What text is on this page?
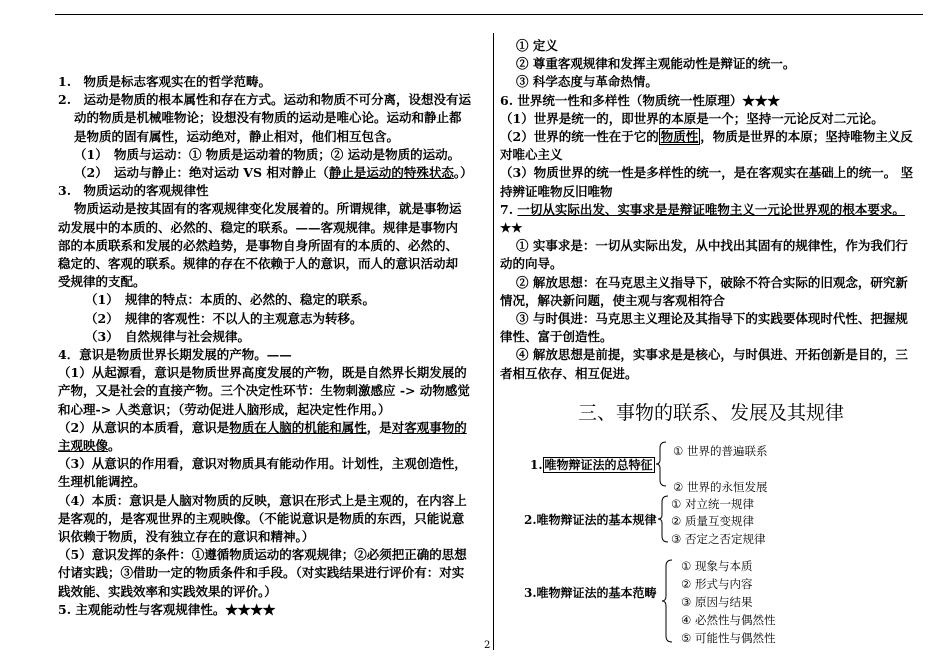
1.　物质是标志客观实在的哲学范畴。

2.　运动是物质的根本属性和存在方式。运动和物质不可分离，设想没有运

动的物质是机械唯物论；设想没有物质的运动是唯心论。运动和静止都

是物质的固有属性，运动绝对，静止相对，他们相互包含。

（1）　物质与运动：① 物质是运动着的物质；② 运动是物质的运动。

（2）　运动与静止：绝对运动 VS 相对静止（静止是运动的特殊状态。）

3.　物质运动的客观规律性

物质运动是按其固有的客观规律变化发展着的。所谓规律，就是事物运

动发展中的本质的、必然的、稳定的联系。——客观规律。规律是事物内

部的本质联系和发展的必然趋势，是事物自身所固有的本质的、必然的、

稳定的、客观的联系。规律的存在不依赖于人的意识，而人的意识活动却

受规律的支配。

（1）　规律的特点：本质的、必然的、稳定的联系。

（2）　规律的客观性：不以人的主观意志为转移。

（3）　自然规律与社会规律。

4．意识是物质世界长期发展的产物。——

（1）从起源看，意识是物质世界高度发展的产物，既是自然界长期发展的

产物，又是社会的直接产物。三个决定性环节：生物刺激感应 -> 动物感觉

和心理-> 人类意识；（劳动促进人脑形成，起决定性作用。）

（2）从意识的本质看，意识是物质在人脑的机能和属性，是对客观事物的

主观映像。

（3）从意识的作用看，意识对物质具有能动作用。计划性，主观创造性，

生理机能调控。

（4）本质：意识是人脑对物质的反映，意识在形式上是主观的，在内容上

是客观的，是客观世界的主观映像。（不能说意识是物质的东西，只能说意

识依赖于物质，没有独立存在的意识和精神。）

（5）意识发挥的条件：①遵循物质运动的客观规律；②必须把正确的思想

付诸实践；③借助一定的物质条件和手段。（对实践结果进行评价有：对实

践效能、实践效率和实践效果的评价。）

5. 主观能动性与客观规律性。★★★★

① 定义

② 尊重客观规律和发挥主观能动性是辩证的统一。

③ 科学态度与革命热情。

6. 世界统一性和多样性（物质统一性原理）★★★

（1）世界是统一的，即世界的本原是一个；坚持一元论反对二元论。

（2）世界的统一性在于它的 物质性 ，物质是世界的本原；坚持唯物主义反

对唯心主义

（3）物质世界的统一性是多样性的统一，是在客观实在基础上的统一。 坚

持辨证唯物反旧唯物

7. 一切从实际出发、实事求是是辩证唯物主义一元论世界观的根本要求。

★★

① 实事求是：一切从实际出发，从中找出其固有的规律性，作为我们行

动的向导。

② 解放思想：在马克思主义指导下，破除不符合实际的旧观念，研究新

情况，解决新问题，使主观与客观相符合

③ 与时俱进：马克思主义理论及其指导下的实践要体现时代性、把握规

律性、富于创造性。

④ 解放思想是前提，实事求是是核心，与时俱进、开拓创新是目的，三

者相互依存、相互促进。

三、事物的联系、发展及其规律
1. 唯物辩证法的总特征
① 世界的普遍联系
② 世界的永恒发展
2.唯物辩证法的基本规律
① 对立统一规律
② 质量互变规律
③ 否定之否定规律
3.唯物辩证法的基本范畴
① 现象与本质
② 形式与内容
③ 原因与结果
④ 必然性与偶然性
⑤ 可能性与偶然性
2
